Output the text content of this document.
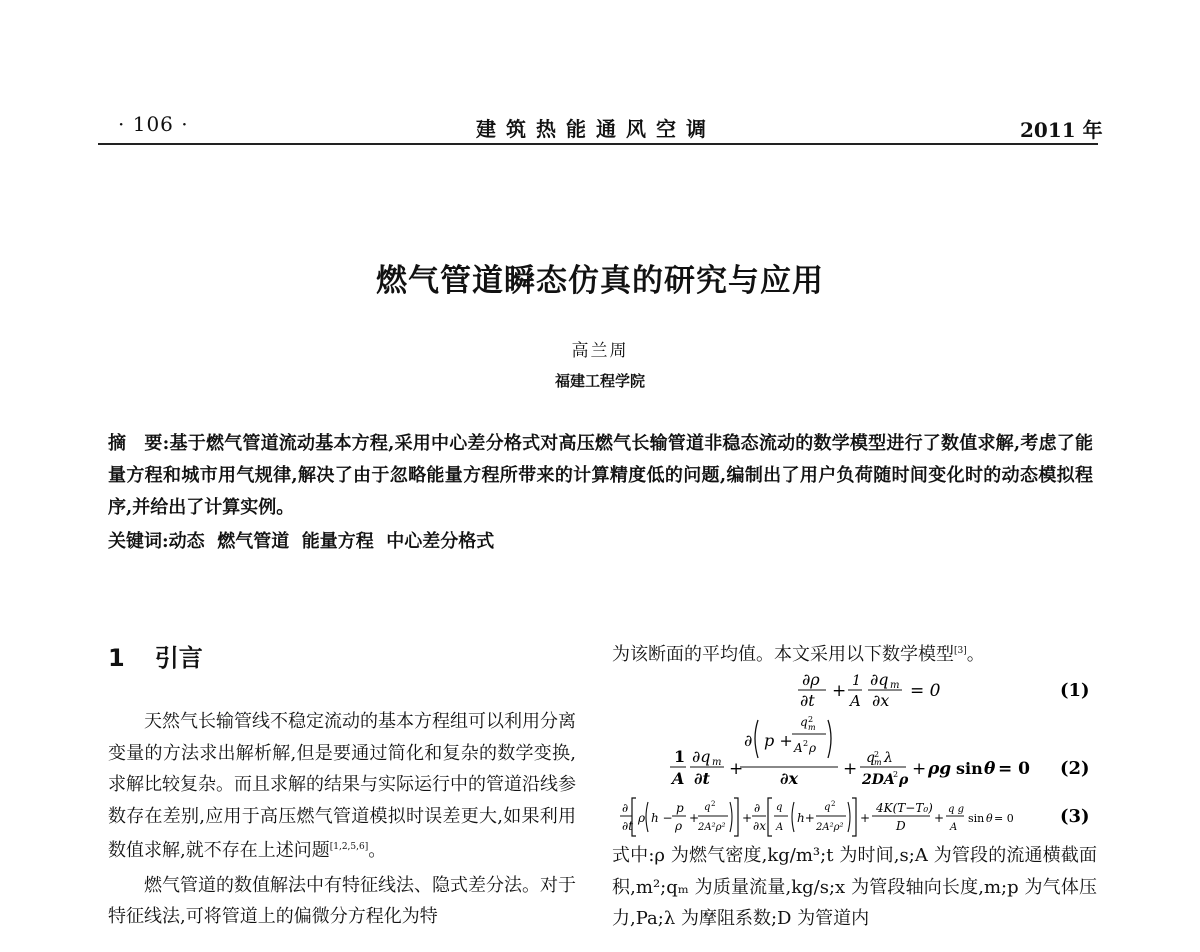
· 106 ·	建筑热能通风空调	2011 年
燃气管道瞬态仿真的研究与应用
高兰周
福建工程学院
摘　要:基于燃气管道流动基本方程,采用中心差分格式对高压燃气长输管道非稳态流动的数学模型进行了数值求解,考虑了能量方程和城市用气规律,解决了由于忽略能量方程所带来的计算精度低的问题,编制出了用户负荷随时间变化时的动态模拟程序,并给出了计算实例。
关键词:动态  燃气管道  能量方程  中心差分格式
1 引言

天然气长输管线不稳定流动的基本方程组可以利用分离变量的方法求出解析解,但是要通过简化和复杂的数学变换,求解比较复杂。而且求解的结果与实际运行中的管道沿线参数存在差别,应用于高压燃气管道模拟时误差更大,如果利用数值求解,就不存在上述问题[1,2,5,6]。

燃气管道的数值解法中有特征线法、隐式差分法。对于特征线法,可将管道上的偏微分方程化为特

为该断面的平均值。本文采用以下数学模型[3]。
∂ρ
∂t + 1
A
∂q m
∂x = 0	(1)
1
A
∂q m
∂t +
∂ p +
q 2
m
A 2 ρ
∂x	+
q 2
m λ
2DA
2 ρ
+ ρg sin θ = 0 (2)
∂
∂t
ρ h −
p
ρ
+
q 2
2A²ρ²
+
∂
∂x
q
A
h+
q 2
2A²ρ²
+
4K(T−T₀)
D
+
q g
A
sin θ = 0	(3)
式中:ρ 为燃气密度,kg/m³;t 为时间,s;A 为管段的流通横截面积,m²;qₘ 为质量流量,kg/s;x 为管段轴向长度,m;p 为气体压力,Pa;λ 为摩阻系数;D 为管道内
